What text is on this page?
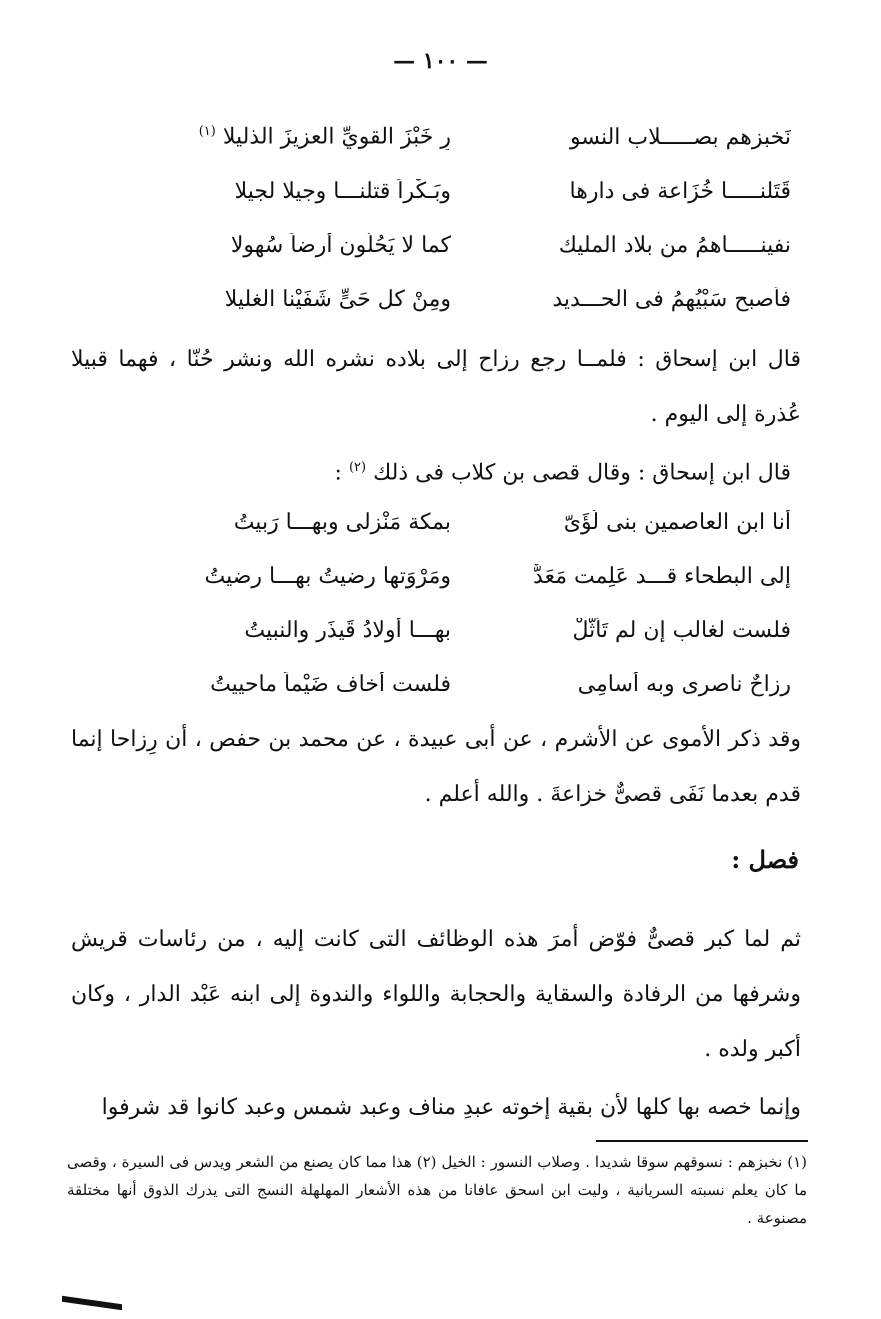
— ١٠٠ —
نَخبزهم بصـــــلاب النسو
رِ خَبْزَ القويِّ العزيزَ الذليلا $^{(١)}$
قَتَلنـــــا خُزَاعة فى دارها
وبَـكْراً قتلنـــا وجيلا لجيلا
نفينـــــاهمُ من بلاد المليك
كما لا يَحُلّون أرضاً سُهولا
فأصبح سَبْيُهمُ فى الحـــديد
ومِنْ كل حَىٍّ شَفَيْنا الغليلا
قال ابن إسحاق : فلمــا رجع رزاح إلى بلاده نشره الله ونشر حُنّا ، فهما قبيلا عُذرة إلى اليوم .
قال ابن إسحاق : وقال قصى بن كلاب فى ذلك $^{(٢)}$ :
أنا ابن العاصمين بنى لُؤَىّ
بمكة مَنْزلى وبهـــا رَبيتُ
إلى البطحاء قـــد عَلِمت مَعَدٌّ
ومَرْوَتها رضيتُ بهـــا رضيتُ
فلست لغالب إن لم تَأَثَّلْ
بهـــا أولادُ قَيذَر والنبيتُ
رِزاحٌ ناصرى وبه أُسامِى
فلست أخاف ضَيْماً ماحييتُ
وقد ذكر الأموى عن الأشرم ، عن أبى عبيدة ، عن محمد بن حفص ، أن رِزاحا إنما قدم بعدما نَفَى قصىٌّ خزاعةَ . والله أعلم .
فصل :
ثم لما كبر قصىٌّ فوّض أمرَ هذه الوظائف التى كانت إليه ، من رئاسات قريش وشرفها من الرفادة والسقاية والحجابة واللواء والندوة إلى ابنه عَبْد الدار ، وكان أكبر ولده .
وإنما خصه بها كلها لأن بقية إخوته عبدِ مناف وعبد شمس وعبد كانوا قد شرفوا
(١) نخبزهم : نسوقهم سوقا شديدا . وصلاب النسور : الخيل (٢) هذا مما كان يصنع من الشعر ويدس فى السيرة ، وقصى ما كان يعلم نسبته السريانية ، وليت ابن اسحق عافانا من هذه الأشعار المهلهلة النسج التى يدرك الذوق أنها مختلقة مصنوعة .
